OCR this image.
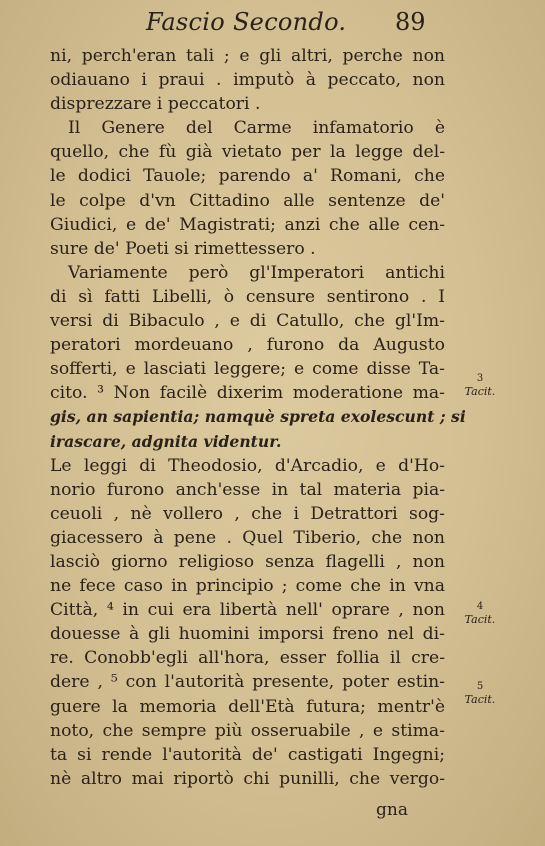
Fascio Secondo. 89
ni, perch'eran tali ; e gli altri, perche non
odiauano i praui . imputò à peccato, non
disprezzare i peccatori .
Il Genere del Carme infamatorio è
quello, che fù già vietato per la legge del-
le dodici Tauole; parendo a' Romani, che
le colpe d'vn Cittadino alle sentenze de'
Giudici, e de' Magistrati; anzi che alle cen-
sure de' Poeti si rimettessero .
Variamente però gl'Imperatori antichi
di sì fatti Libelli, ò censure sentirono . I
versi di Bibaculo , e di Catullo, che gl'Im-
peratori mordeuano , furono da Augusto
sofferti, e lasciati leggere; e come disse Ta-
cito. ³ Non facilè dixerim moderatione ma-
gis, an sapientia; namquè spreta exolescunt ; si
irascare, adgnita videntur.
Le leggi di Theodosio, d'Arcadio, e d'Ho-
norio furono anch'esse in tal materia pia-
ceuoli , nè vollero , che i Detrattori sog-
giacessero à pene . Quel Tiberio, che non
lasciò giorno religioso senza flagelli , non
ne fece caso in principio ; come che in vna
Città, ⁴ in cui era libertà nell' oprare , non
douesse à gli huomini imporsi freno nel di-
re. Conobb'egli all'hora, esser follia il cre-
dere , ⁵ con l'autorità presente, poter estin-
guere la memoria dell'Età futura; mentr'è
noto, che sempre più osseruabile , e stima-
ta si rende l'autorità de' castigati Ingegni;
nè altro mai riportò chi punilli, che vergo-
gna
3
Tacit.
4
Tacit.
5
Tacit.
